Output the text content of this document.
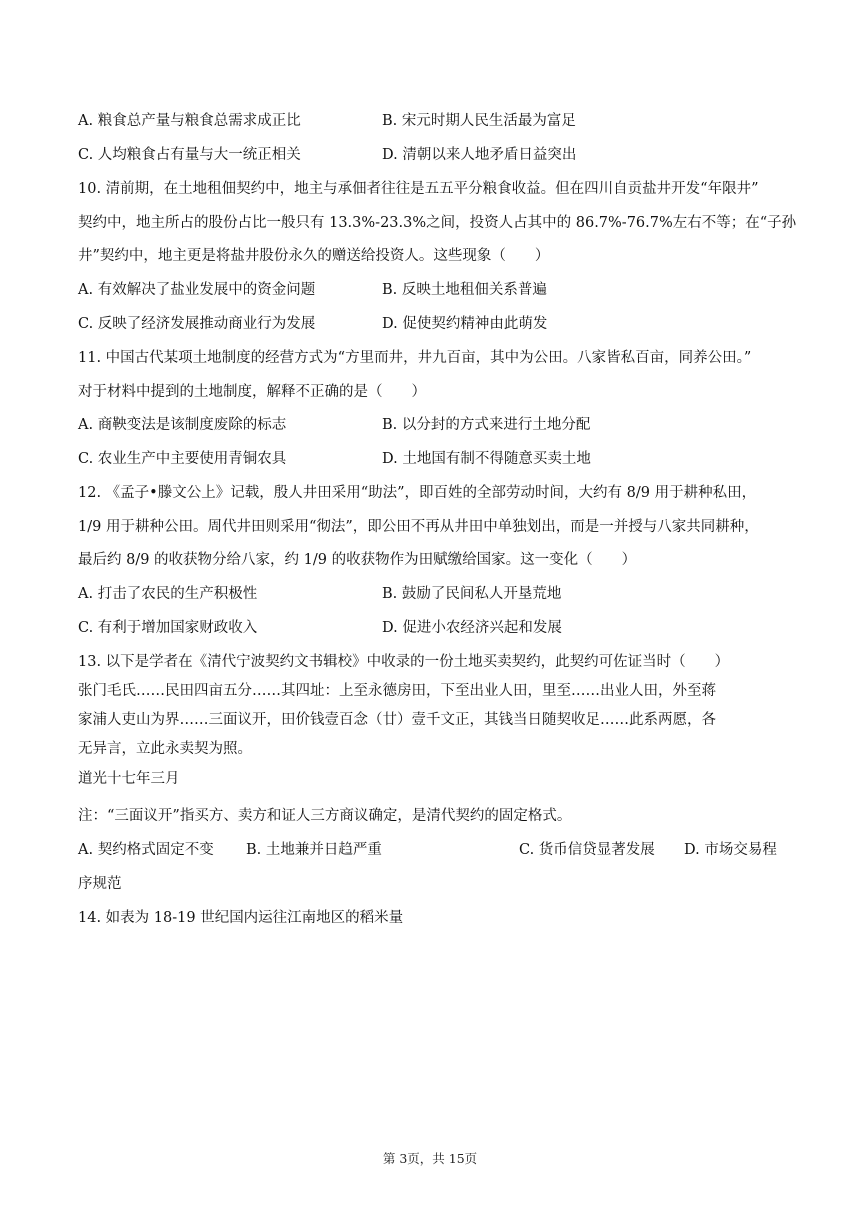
A. 粮食总产量与粮食总需求成正比	B. 宋元时期人民生活最为富足
C. 人均粮食占有量与大一统正相关	D. 清朝以来人地矛盾日益突出
10. 清前期，在土地租佃契约中，地主与承佃者往往是五五平分粮食收益。但在四川自贡盐井开发“年限井”
契约中，地主所占的股份占比一般只有 13.3%-23.3%之间，投资人占其中的 86.7%-76.7%左右不等；在“子孙
井”契约中，地主更是将盐井股份永久的赠送给投资人。这些现象（　　）
A. 有效解决了盐业发展中的资金问题	B. 反映土地租佃关系普遍
C. 反映了经济发展推动商业行为发展	D. 促使契约精神由此萌发
11. 中国古代某项土地制度的经营方式为“方里而井，井九百亩，其中为公田。八家皆私百亩，同养公田。”
对于材料中提到的土地制度，解释不正确的是（　　）
A. 商鞅变法是该制度废除的标志	B. 以分封的方式来进行土地分配
C. 农业生产中主要使用青铜农具	D. 土地国有制不得随意买卖土地
12. 《孟子•滕文公上》记载，殷人井田采用“助法”，即百姓的全部劳动时间，大约有 8/9 用于耕种私田，
1/9 用于耕种公田。周代井田则采用“彻法”，即公田不再从井田中单独划出，而是一并授与八家共同耕种，
最后约 8/9 的收获物分给八家，约 1/9 的收获物作为田赋缴给国家。这一变化（　　）
A. 打击了农民的生产积极性	B. 鼓励了民间私人开垦荒地
C. 有利于增加国家财政收入	D. 促进小农经济兴起和发展
13. 以下是学者在《清代宁波契约文书辑校》中收录的一份土地买卖契约，此契约可佐证当时（　　）
张门毛氏……民田四亩五分……其四址：上至永德房田，下至出业人田，里至……出业人田，外至蒋
家浦人吏山为界……三面议开，田价钱壹百念（廿）壹千文正，其钱当日随契收足……此系两愿，各
无异言，立此永卖契为照。
道光十七年三月
注：“三面议开”指买方、卖方和证人三方商议确定，是清代契约的固定格式。
A. 契约格式固定不变 B. 土地兼并日趋严重	C. 货币信贷显著发展 D. 市场交易程
序规范
14. 如表为 18-19 世纪国内运往江南地区的稻米量
第 3页，共 15页
